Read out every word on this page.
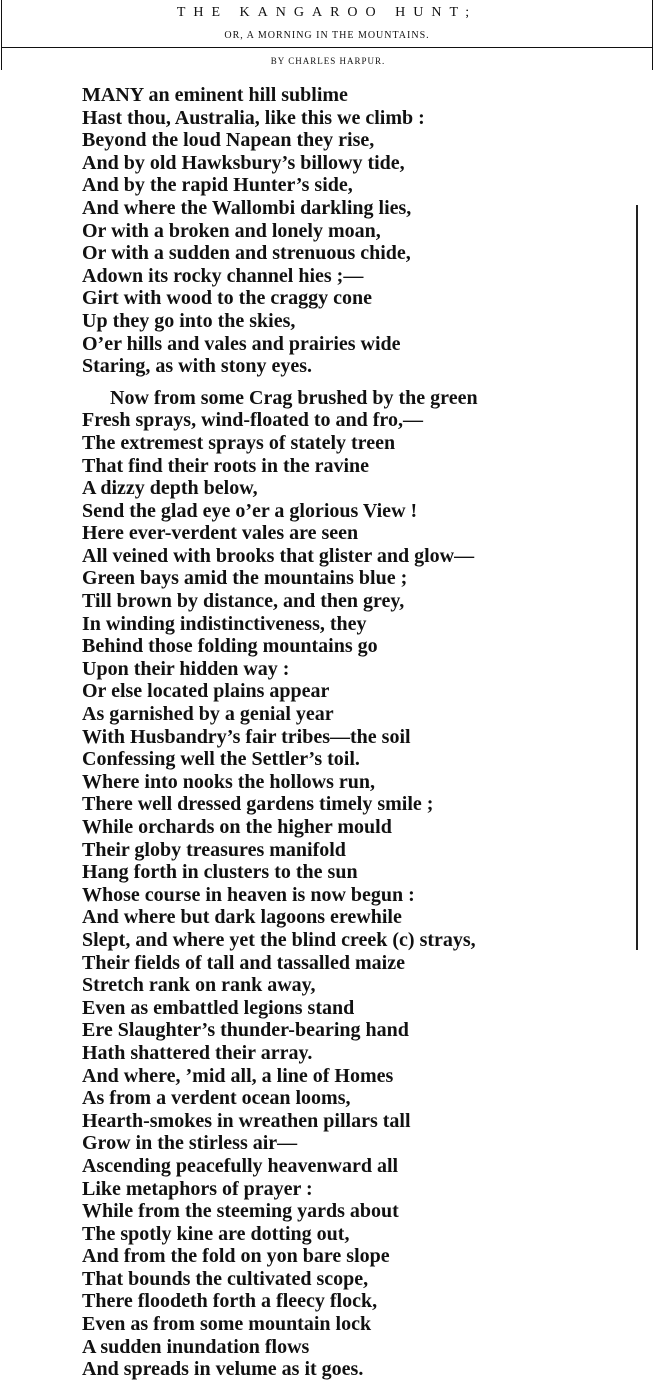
THE KANGAROO HUNT;
OR, A MORNING IN THE MOUNTAINS.
BY CHARLES HARPUR.
MANY an eminent hill sublime
Hast thou, Australia, like this we climb :
Beyond the loud Napean they rise,
And by old Hawksbury’s billowy tide,
And by the rapid Hunter’s side,
And where the Wallombi darkling lies,
Or with a broken and lonely moan,
Or with a sudden and strenuous chide,
Adown its rocky channel hies ;—
Girt with wood to the craggy cone
Up they go into the skies,
O’er hills and vales and prairies wide
Staring, as with stony eyes.
Now from some Crag brushed by the green
Fresh sprays, wind-floated to and fro,—
The extremest sprays of stately treen
That find their roots in the ravine
A dizzy depth below,
Send the glad eye o’er a glorious View !
Here ever-verdent vales are seen
All veined with brooks that glister and glow—
Green bays amid the mountains blue ;
Till brown by distance, and then grey,
In winding indistinctiveness, they
Behind those folding mountains go
Upon their hidden way :
Or else located plains appear
As garnished by a genial year
With Husbandry’s fair tribes—the soil
Confessing well the Settler’s toil.
Where into nooks the hollows run,
There well dressed gardens timely smile ;
While orchards on the higher mould
Their globy treasures manifold
Hang forth in clusters to the sun
Whose course in heaven is now begun :
And where but dark lagoons erewhile
Slept, and where yet the blind creek (c) strays,
Their fields of tall and tassalled maize
Stretch rank on rank away,
Even as embattled legions stand
Ere Slaughter’s thunder-bearing hand
Hath shattered their array.
And where, ’mid all, a line of Homes
As from a verdent ocean looms,
Hearth-smokes in wreathen pillars tall
Grow in the stirless air—
Ascending peacefully heavenward all
Like metaphors of prayer :
While from the steeming yards about
The spotly kine are dotting out,
And from the fold on yon bare slope
That bounds the cultivated scope,
There floodeth forth a fleecy flock,
Even as from some mountain lock
A sudden inundation flows
And spreads in velume as it goes.
